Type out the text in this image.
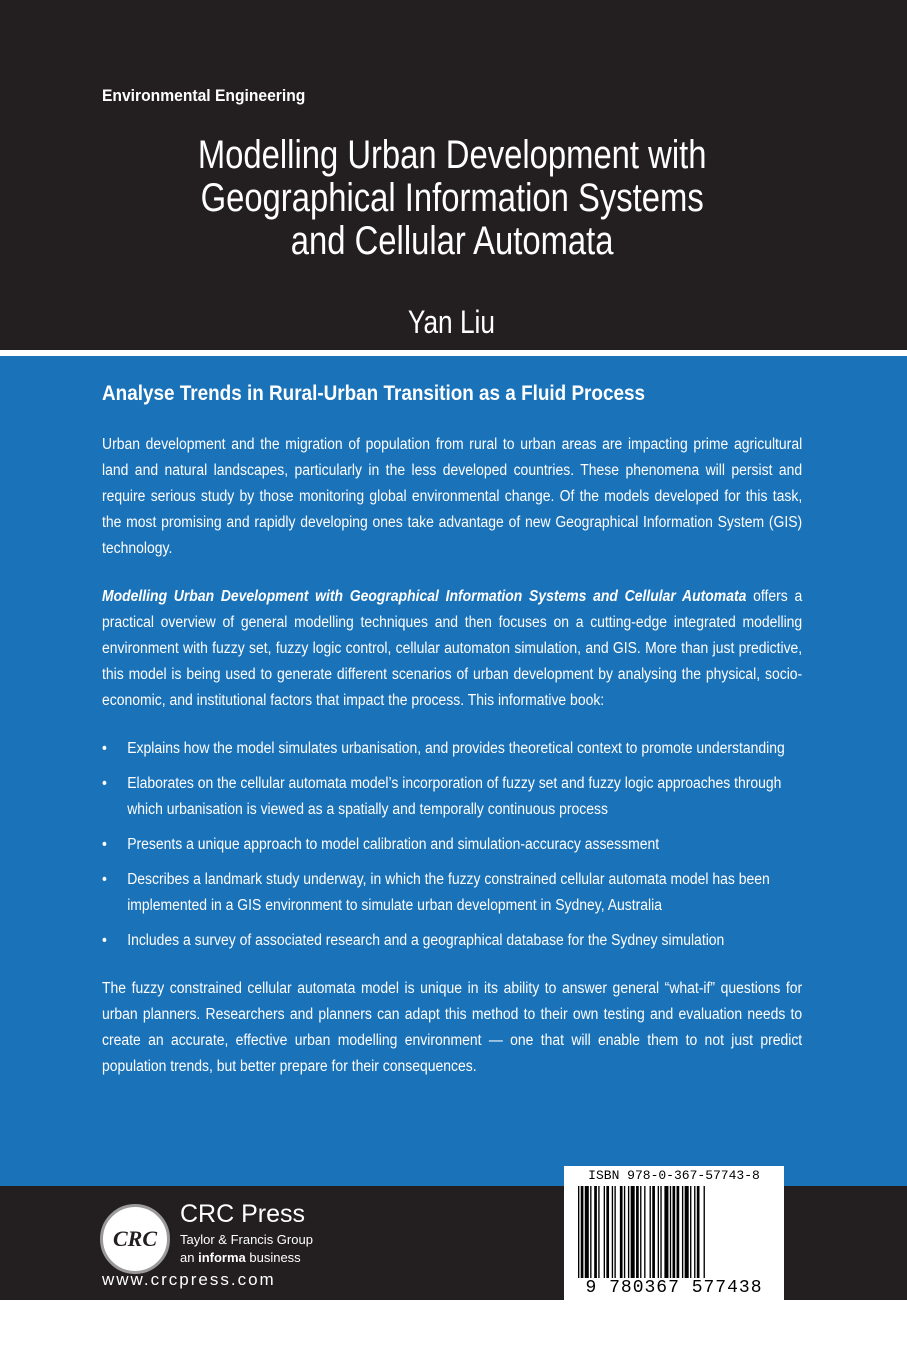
Environmental Engineering
Modelling Urban Development with
Geographical Information Systems
and Cellular Automata
Yan Liu
Analyse Trends in Rural-Urban Transition as a Fluid Process

Urban development and the migration of population from rural to urban areas are impacting prime agricultural land and natural landscapes, particularly in the less developed countries. These phenomena will persist and require serious study by those monitoring global environmental change. Of the models developed for this task, the most promising and rapidly developing ones take advantage of new Geographical Information System (GIS) technology.

Modelling Urban Development with Geographical Information Systems and Cellular Automata offers a practical overview of general modelling techniques and then focuses on a cutting-edge integrated modelling environment with fuzzy set, fuzzy logic control, cellular automaton simulation, and GIS. More than just predictive, this model is being used to generate different scenarios of urban development by analysing the physical, socio-economic, and institutional factors that impact the process. This informative book:

• Explains how the model simulates urbanisation, and provides theoretical context to promote understanding
• Elaborates on the cellular automata model’s incorporation of fuzzy set and fuzzy logic approaches through which urbanisation is viewed as a spatially and temporally continuous process
• Presents a unique approach to model calibration and simulation-accuracy assessment
• Describes a landmark study underway, in which the fuzzy constrained cellular automata model has been implemented in a GIS environment to simulate urban development in Sydney, Australia
• Includes a survey of associated research and a geographical database for the Sydney simulation

The fuzzy constrained cellular automata model is unique in its ability to answer general “what-if” questions for urban planners. Researchers and planners can adapt this method to their own testing and evaluation needs to create an accurate, effective urban modelling environment — one that will enable them to not just predict population trends, but better prepare for their consequences.

CRC
CRC Press
Taylor & Francis Group
an informa business
www.crcpress.com
ISBN 978-0-367-57743-8
9 780367 577438
